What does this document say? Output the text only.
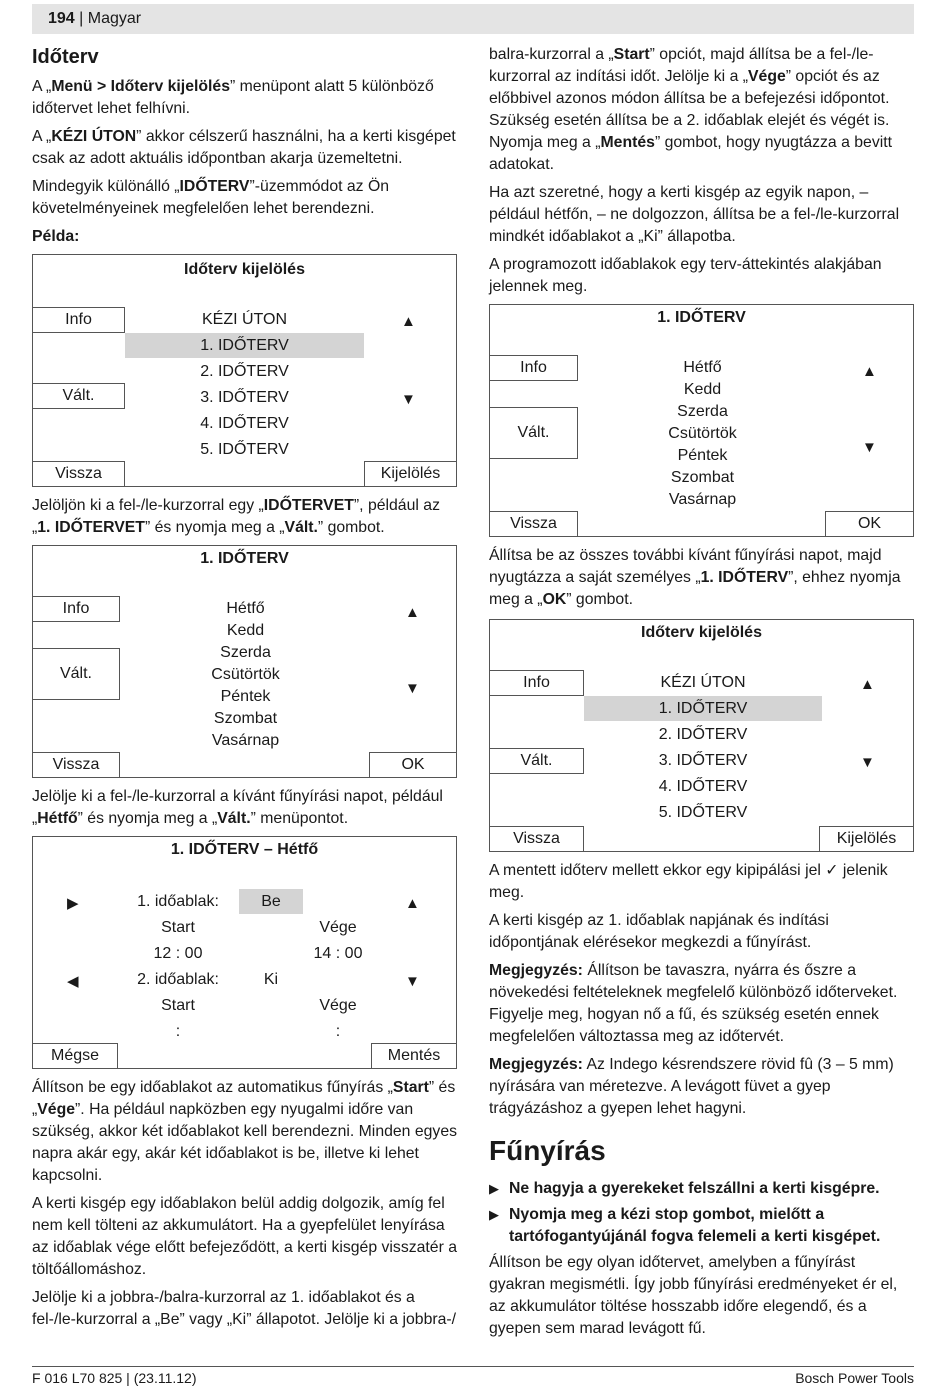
194 | Magyar
Időterv

A „Menü > Időterv kijelölés” menüpont alatt 5 különböző időtervet lehet felhívni.

A „KÉZI ÚTON” akkor célszerű használni, ha a kerti kisgépet csak az adott aktuális időpontban akarja üzemeltetni.

Mindegyik különálló „IDŐTERV”-üzemmódot az Ön követelményeinek megfelelően lehet berendezni.

Példa:

Időterv kijelölés
Info
Vált.
KÉZI ÚTON
1. IDŐTERV
2. IDŐTERV
3. IDŐTERV
4. IDŐTERV
5. IDŐTERV
▲
▼
Vissza	Kijelölés

Jelöljön ki a fel-/le-kurzorral egy „IDŐTERVET”, például az „1. IDŐTERVET” és nyomja meg a „Vált.” gombot.

1. IDŐTERV
Info
Vált.
Hétfő
Kedd
Szerda
Csütörtök
Péntek
Szombat
Vasárnap
▲
▼
Vissza	OK

Jelölje ki a fel-/le-kurzorral a kívánt fűnyírási napot, például „Hétfő” és nyomja meg a „Vált.” menüpontot.

1. IDŐTERV – Hétfő
▶
◀
▲
▼
1. időablak:	Be
Start	Vége
12 : 00	14 : 00
2. időablak:	Ki
Start	Vége
:	:
Mégse	Mentés

Állítson be egy időablakot az automatikus fűnyírás „Start” és „Vége”. Ha például napközben egy nyugalmi időre van szükség, akkor két időablakot kell berendezni. Minden egyes napra akár egy, akár két időablakot is be, illetve ki lehet kapcsolni.

A kerti kisgép egy időablakon belül addig dolgozik, amíg fel nem kell tölteni az akkumulátort. Ha a gyepfelület lenyírása az időablak vége előtt befejeződött, a kerti kisgép visszatér a töltőállomáshoz.

Jelölje ki a jobbra-/balra-kurzorral az 1. időablakot és a fel-/le-kurzorral a „Be” vagy „Ki” állapotot. Jelölje ki a jobbra-/

balra-kurzorral a „Start” opciót, majd állítsa be a fel-/le-kurzorral az indítási időt. Jelölje ki a „Vége” opciót és az előbbivel azonos módon állítsa be a befejezési időpontot. Szükség esetén állítsa be a 2. időablak elejét és végét is. Nyomja meg a „Mentés” gombot, hogy nyugtázza a bevitt adatokat.

Ha azt szeretné, hogy a kerti kisgép az egyik napon, – például hétfőn, – ne dolgozzon, állítsa be a fel-/le-kurzorral mindkét időablakot a „Ki” állapotba.

A programozott időablakok egy terv-áttekintés alakjában jelennek meg.

1. IDŐTERV
Info
Vált.
Hétfő
Kedd
Szerda
Csütörtök
Péntek
Szombat
Vasárnap
▲
▼
Vissza	OK

Állítsa be az összes további kívánt fűnyírási napot, majd nyugtázza a saját személyes „1. IDŐTERV”, ehhez nyomja meg a „OK” gombot.

Időterv kijelölés
Info
Vált.
KÉZI ÚTON
1. IDŐTERV
2. IDŐTERV
3. IDŐTERV
4. IDŐTERV
5. IDŐTERV
▲
▼
Vissza	Kijelölés

A mentett időterv mellett ekkor egy kipipálási jel ✓ jelenik meg.

A kerti kisgép az 1. időablak napjának és indítási időpontjának elérésekor megkezdi a fűnyírást.

Megjegyzés: Állítson be tavaszra, nyárra és őszre a növekedési feltételeknek megfelelő különböző időterveket. Figyelje meg, hogyan nő a fű, és szükség esetén ennek megfelelően változtassa meg az időtervét.

Megjegyzés: Az Indego késrendszere rövid fû (3 – 5 mm) nyírására van méretezve. A levágott füvet a gyep trágyázáshoz a gyepen lehet hagyni.

Fűnyírás
▶ Ne hagyja a gyerekeket felszállni a kerti kisgépre.
▶ Nyomja meg a kézi stop gombot, mielőtt a tartófogantyújánál fogva felemeli a kerti kisgépet.

Állítson be egy olyan időtervet, amelyben a fűnyírást gyakran megismétli. Így jobb fűnyírási eredményeket ér el, az akkumulátor töltése hosszabb időre elegendő, és a gyepen sem marad levágott fű.

F 016 L70 825 | (23.11.12)	Bosch Power Tools
